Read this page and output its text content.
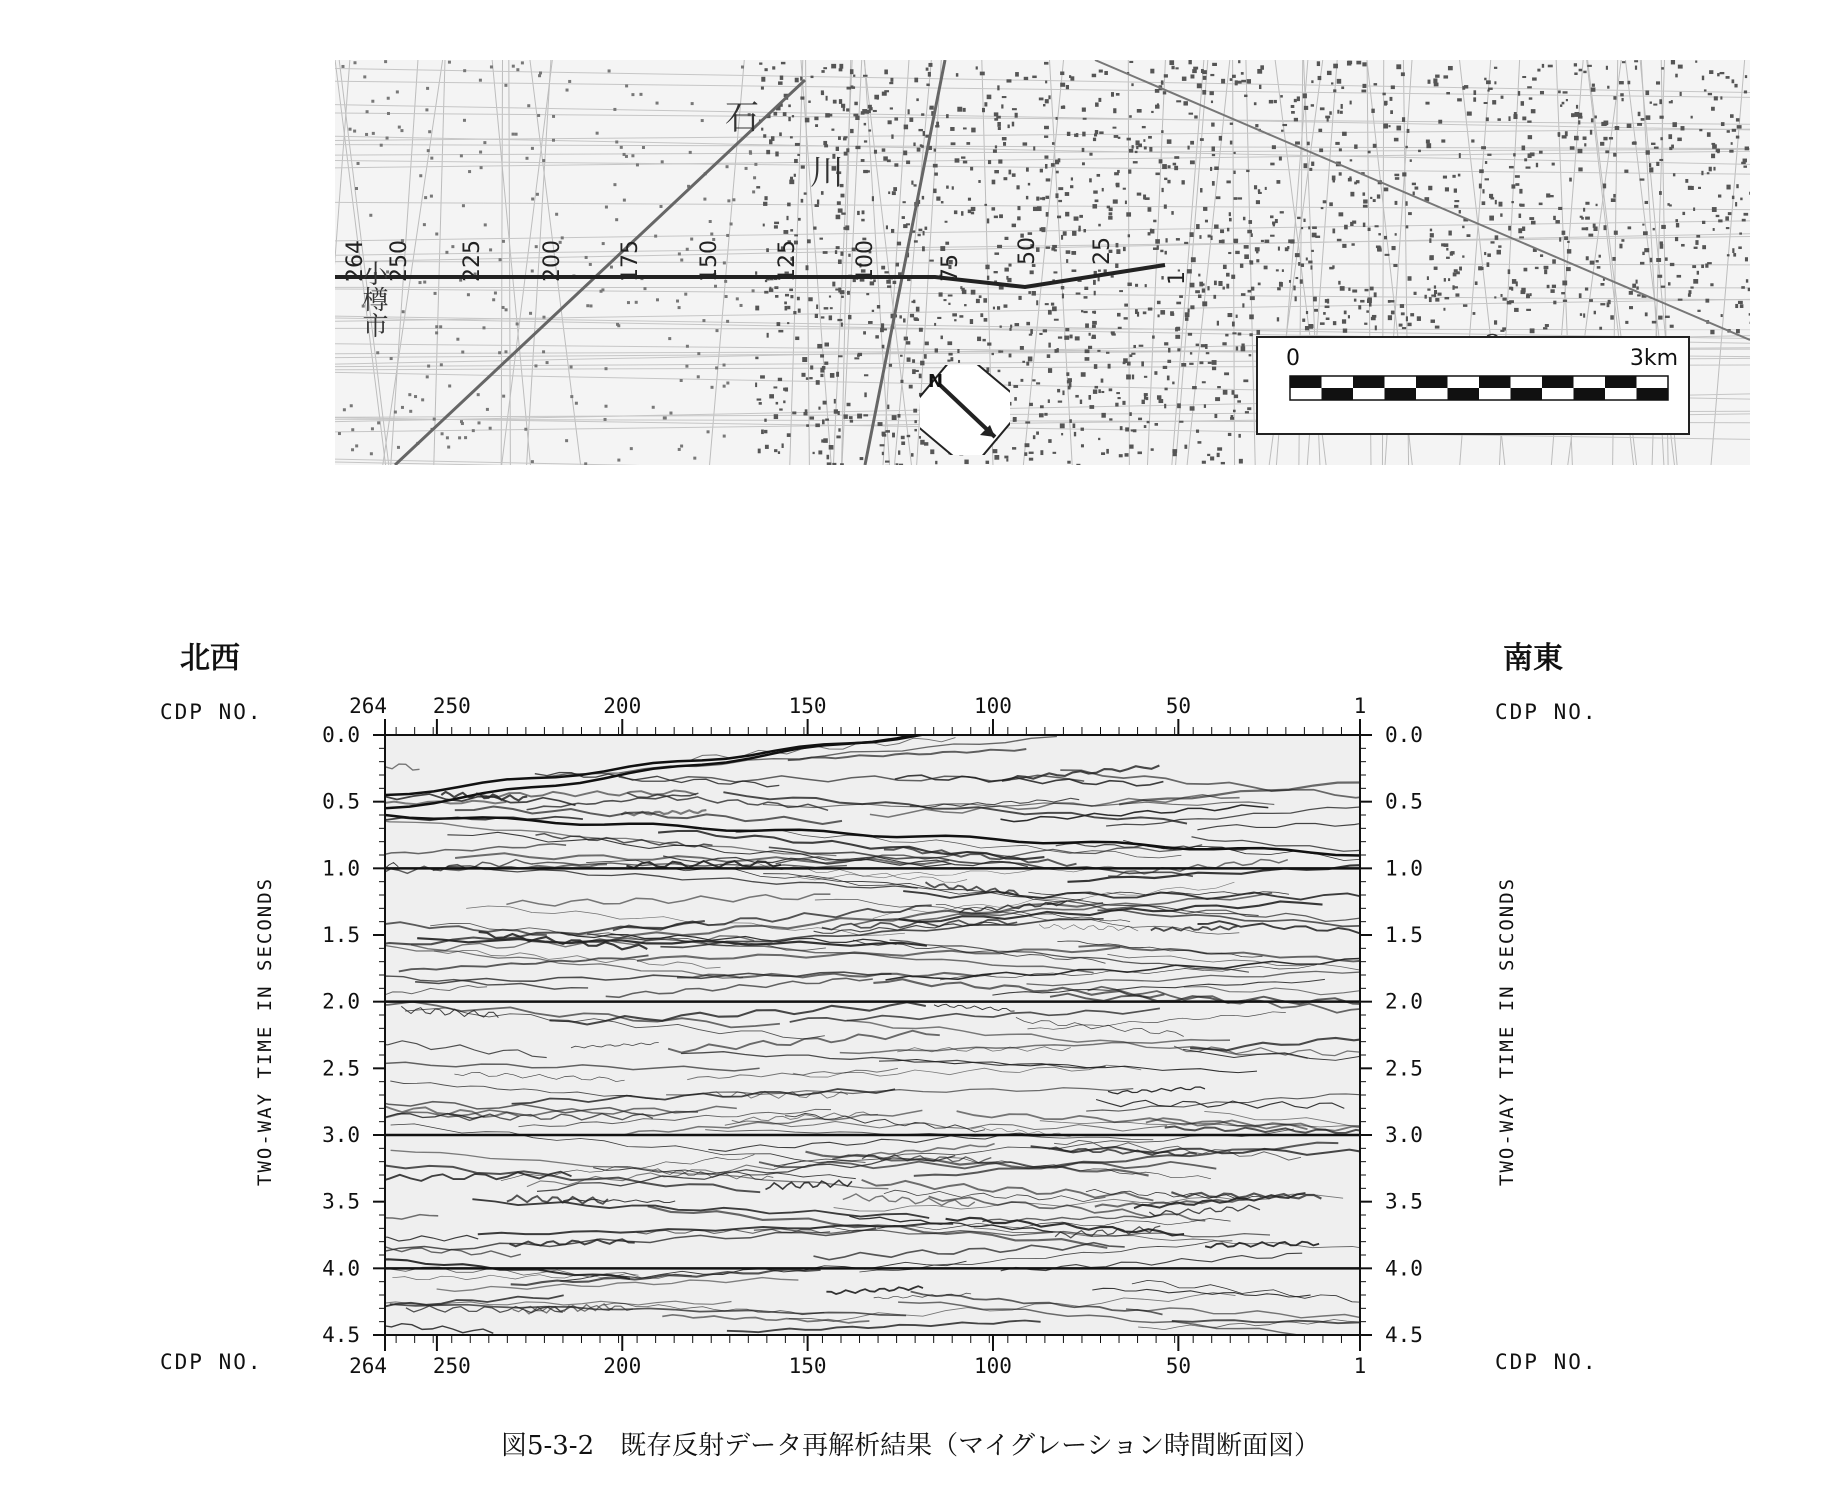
小樽市
石
川
264 250 225	200 175 150 125 100	75
50 25
1
N
0	3km
北西	南東
CDP NO.	CDP NO.
CDP NO.	CDP NO.
TWO-WAY TIME IN SECONDS	TWO-WAY TIME IN SECONDS
0.0	0.0
0.5	0.5
1.0	1.0
1.5	1.5
2.0	2.0
2.5	2.5
3.0	3.0
3.5	3.5
4.0	4.0
4.5	4.5
264
264
250
250
200
200
150
150
100
100
50
50
1
1
図5-3-2　既存反射データ再解析結果（マイグレーション時間断面図）
